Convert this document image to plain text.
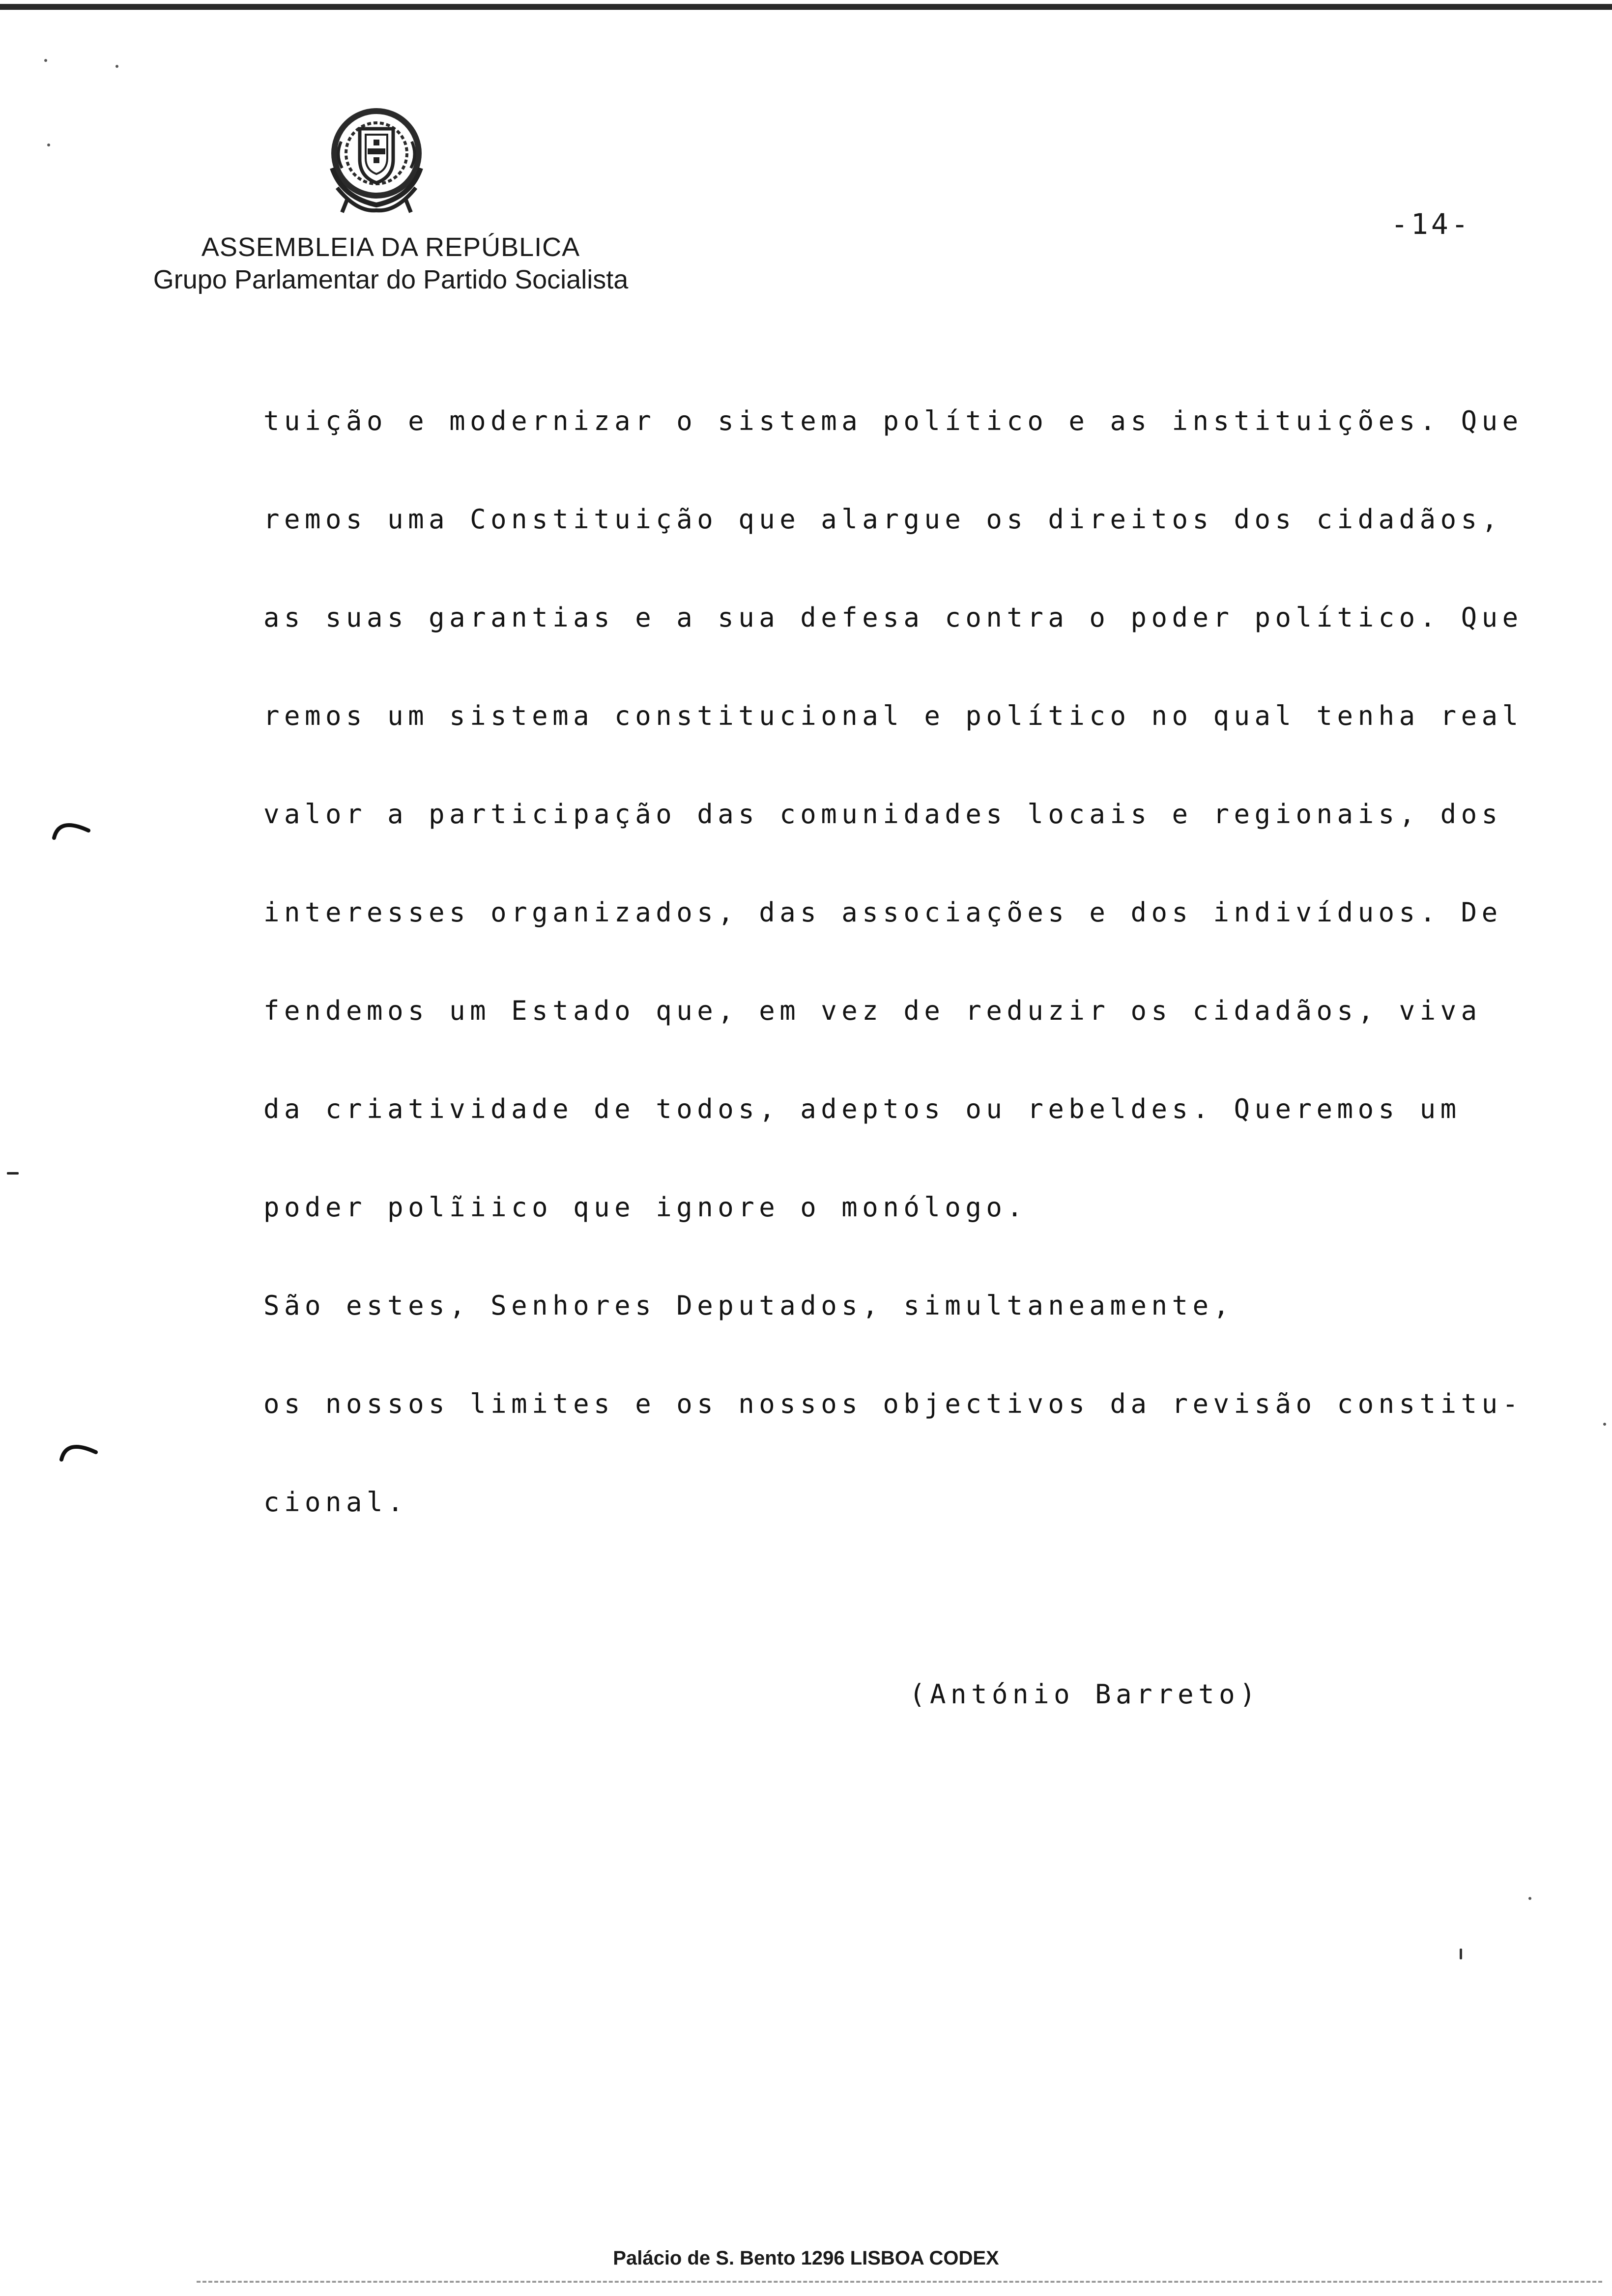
ASSEMBLEIA DA REPÚBLICA
Grupo Parlamentar do Partido Socialista
-14-
tuição e modernizar o sistema político e as instituições. Que
remos uma Constituição que alargue os direitos dos cidadãos,
as suas garantias e a sua defesa contra o poder político. Que
remos um sistema constitucional e político no qual tenha real
valor a participação das comunidades locais e regionais, dos
interesses organizados, das associações e dos indivíduos. De
fendemos um Estado que, em vez de reduzir os cidadãos, viva
da criatividade de todos, adeptos ou rebeldes. Queremos um
poder polĩiico que ignore o monólogo.
São estes, Senhores Deputados, simultaneamente,
os nossos limites e os nossos objectivos da revisão constitu-
cional.
(António Barreto)
Palácio de S. Bento 1296 LISBOA CODEX
